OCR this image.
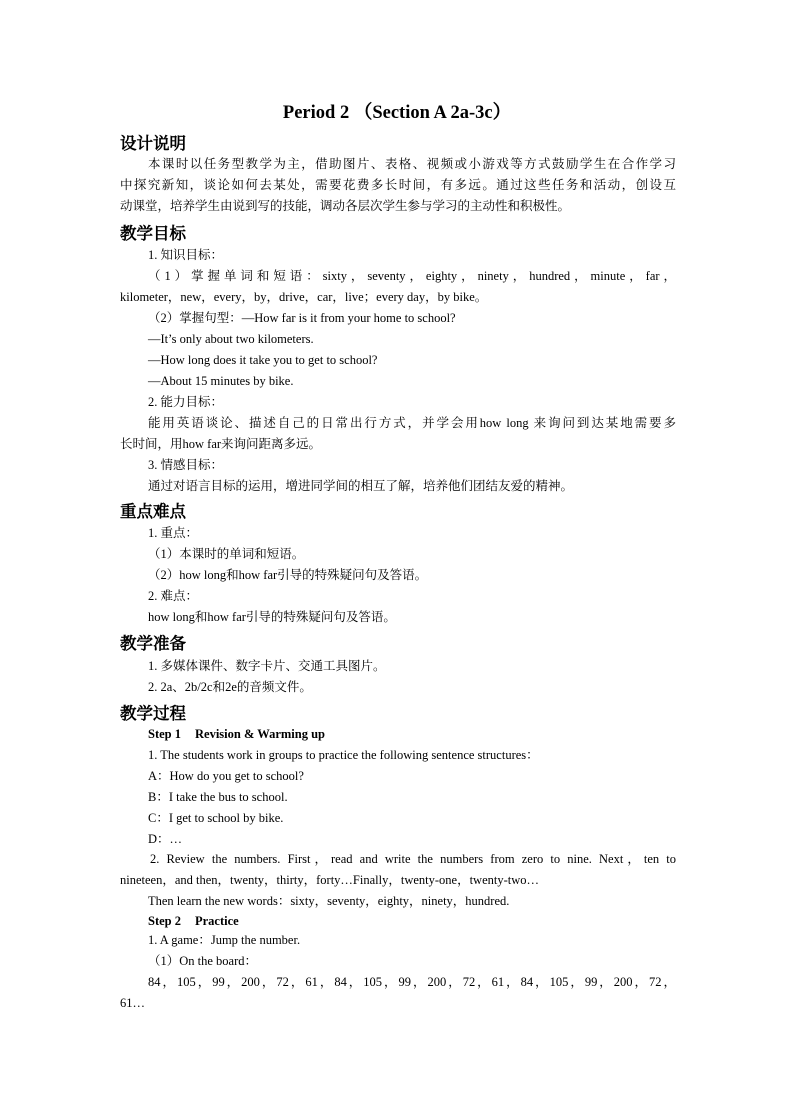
Period 2 （Section A 2a-3c）
设计说明
本课时以任务型教学为主，借助图片、表格、视频或小游戏等方式鼓励学生在合作学习
中探究新知，谈论如何去某处，需要花费多长时间，有多远。通过这些任务和活动，创设互
动课堂，培养学生由说到写的技能，调动各层次学生参与学习的主动性和积极性。
教学目标
1. 知识目标：
（1）掌握单词和短语：sixty，seventy，eighty，ninety，hundred，minute，far，
kilometer，new，every，by，drive，car，live；every day，by bike。
（2）掌握句型：—How far is it from your home to school?
—It’s only about two kilometers.
—How long does it take you to get to school?
—About 15 minutes by bike.
2. 能力目标：
能用英语谈论、描述自己的日常出行方式，并学会用how long 来询问到达某地需要多
长时间，用how far来询问距离多远。
3. 情感目标：
通过对语言目标的运用，增进同学间的相互了解，培养他们团结友爱的精神。
重点难点
1. 重点：
（1）本课时的单词和短语。
（2）how long和how far引导的特殊疑问句及答语。
2. 难点：
how long和how far引导的特殊疑问句及答语。
教学准备
1. 多媒体课件、数字卡片、交通工具图片。
2. 2a、2b/2c和2e的音频文件。
教学过程
Step 1 Revision & Warming up
1. The students work in groups to practice the following sentence structures：
A：How do you get to school?
B：I take the bus to school.
C：I get to school by bike.
D：…
2. Review the numbers. First，read and write the numbers from zero to nine. Next，ten to
nineteen，and then，twenty，thirty，forty…Finally，twenty-one，twenty-two…
Then learn the new words：sixty，seventy，eighty，ninety，hundred.
Step 2 Practice
1. A game：Jump the number.
（1）On the board：
84，105，99，200，72，61，84，105，99，200，72，61，84，105，99，200，72，
61…
